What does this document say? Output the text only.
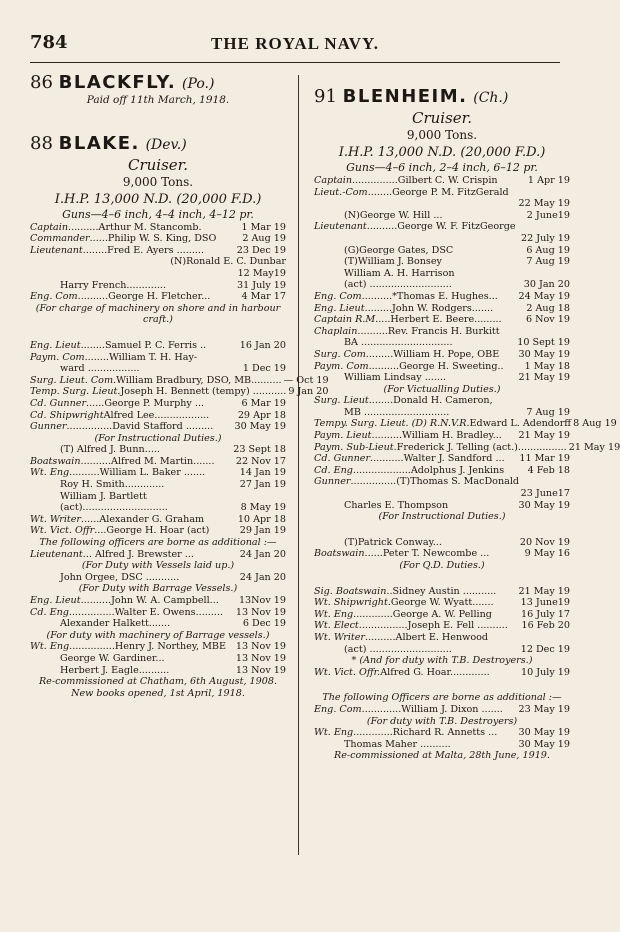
784	THE ROYAL NAVY.
86 BLACKFLY. (Po.)
Paid off 11th March, 1918.
88 BLAKE. (Dev.)
Cruiser.
9,000 Tons.
I.H.P. 13,000 N.D. (20,000 F.D.)
Guns—4–6 inch, 4–4 inch, 4–12 pr.
Captain ..........Arthur M. Stancomb.	1 Mar 19
Commander ......Philip W. S. King, DSO	2 Aug 19
Lieutenant ........Fred E. Ayers .........	23 Dec 19
(N)Ronald E. C. Dunbar
12 May19
Harry French.............	31 July 19
Eng. Com ..........George H. Fletcher...	4 Mar 17
(For charge of machinery on shore and in harbour craft.)
Eng. Lieut ........Samuel P. C. Ferris ..	16 Jan 20
Paym. Com ........William T. H. Hay-
ward .................	1 Dec 19
Surg. Lieut. Com. William Bradbury, DSO, MB.......... — Oct 19
Temp. Surg. Lieut. Joseph H. Bennett (tempy) ........... 9 Jan 20
Cd. Gunner ......George P. Murphy ...	6 Mar 19
Cd. Shipwright Alfred Lee..................	29 Apr 18
Gunner ...............David Stafford .........	30 May 19
(For Instructional Duties.)
(T) Alfred J. Bunn.....	23 Sept 18
Boatswain ..........Alfred M. Martin.......	22 Nov 17
Wt. Eng. .........William L. Baker .......	14 Jan 19
Roy H. Smith.............	27 Jan 19
William J. Bartlett
(act)............................	8 May 19
Wt. Writer ......Alexander G. Graham	10 Apr 18
Wt. Vict. Offr ....George H. Hoar (act)	29 Jan 19
The following officers are borne as additional :—
Lieutenant ... Alfred J. Brewster ...	24 Jan 20
(For Duty with Vessels laid up.)
John Orgee, DSC ...........	24 Jan 20
(For Duty with Barrage Vessels.)
Eng. Lieut ..........John W. A. Campbell...	13Nov 19
Cd. Eng ...............Walter E. Owens.........	13 Nov 19
Alexander Halkett.......	6 Dec 19
(For duty with machinery of Barrage vessels.)
Wt. Eng ...............Henry J. Northey, MBE	13 Nov 19
George W. Gardiner...	13 Nov 19
Herbert J. Eagle..........	13 Nov 19
Re-commissioned at Chatham, 6th August, 1908.
New books opened, 1st April, 1918.
91 BLENHEIM. (Ch.)
Cruiser.
9,000 Tons.
I.H.P. 13,000 N.D. (20,000 F.D.)
Guns—4–6 inch, 2–4 inch, 6–12 pr.
Captain ...............Gilbert C. W. Crispin	1 Apr 19
Lieut.-Com. .......George P. M. FitzGerald
22 May 19
(N)George W. Hill ...	2 June19
Lieutenant ..........George W. F. FitzGeorge
22 July 19
(G)George Gates, DSC	6 Aug 19
(T)William J. Bonsey	7 Aug 19
William A. H. Harrison
(act) ...........................	30 Jan 20
Eng. Com ..........*Thomas E. Hughes...	24 May 19
Eng. Lieut .........John W. Rodgers.......	2 Aug 18
Captain R.M. ....Herbert E. Beere.........	6 Nov 19
Chaplain ..........Rev. Francis H. Burkitt
BA ..............................	10 Sept 19
Surg. Com. ........William H. Pope, OBE	30 May 19
Paym. Com ..........George H. Sweeting..	1 May 18
William Lindsay .......	21 May 19
(For Victualling Duties.)
Surg. Lieut ........Donald H. Cameron,
MB ............................	7 Aug 19
Tempy. Surg. Lieut. (D) R.N.V.R. Edward L. Adendorff 8 Aug 19
Paym. Lieut ..........William H. Bradley...	21 May 19
Paym. Sub-Lieut. Frederick J. Telling (act.)................ 21 May 19
Cd. Gunner ...........Walter J. Sandford ...	11 Mar 19
Cd. Eng. ..................Adolphus J. Jenkins	4 Feb 18
Gunner ...............(T)Thomas S. MacDonald
23 June17
Charles E. Thompson	30 May 19
(For Instructional Duties.)
(T)Patrick Conway...	20 Nov 19
Boatswain ......Peter T. Newcombe ...	9 May 16
(For Q.D. Duties.)
Sig. Boatswain ..Sidney Austin ...........	21 May 19
Wt. Shipwright .George W. Wyatt.......	13 June19
Wt. Eng. ............George A. W. Pelling	16 July 17
Wt. Elect ................Joseph E. Fell ..........	16 Feb 20
Wt. Writer ..........Albert E. Henwood
(act) ...........................	12 Dec 19
* (And for duty with T.B. Destroyers.)
Wt. Vict. Offr. Alfred G. Hoar.............	10 July 19
The following Officers are borne as additional :—
Eng. Com. ............William J. Dixon .......	23 May 19
(For duty with T.B. Destroyers)
Wt. Eng. ............Richard R. Annetts ...	30 May 19
Thomas Maher ..........	30 May 19
Re-commissioned at Malta, 28th June, 1919.
